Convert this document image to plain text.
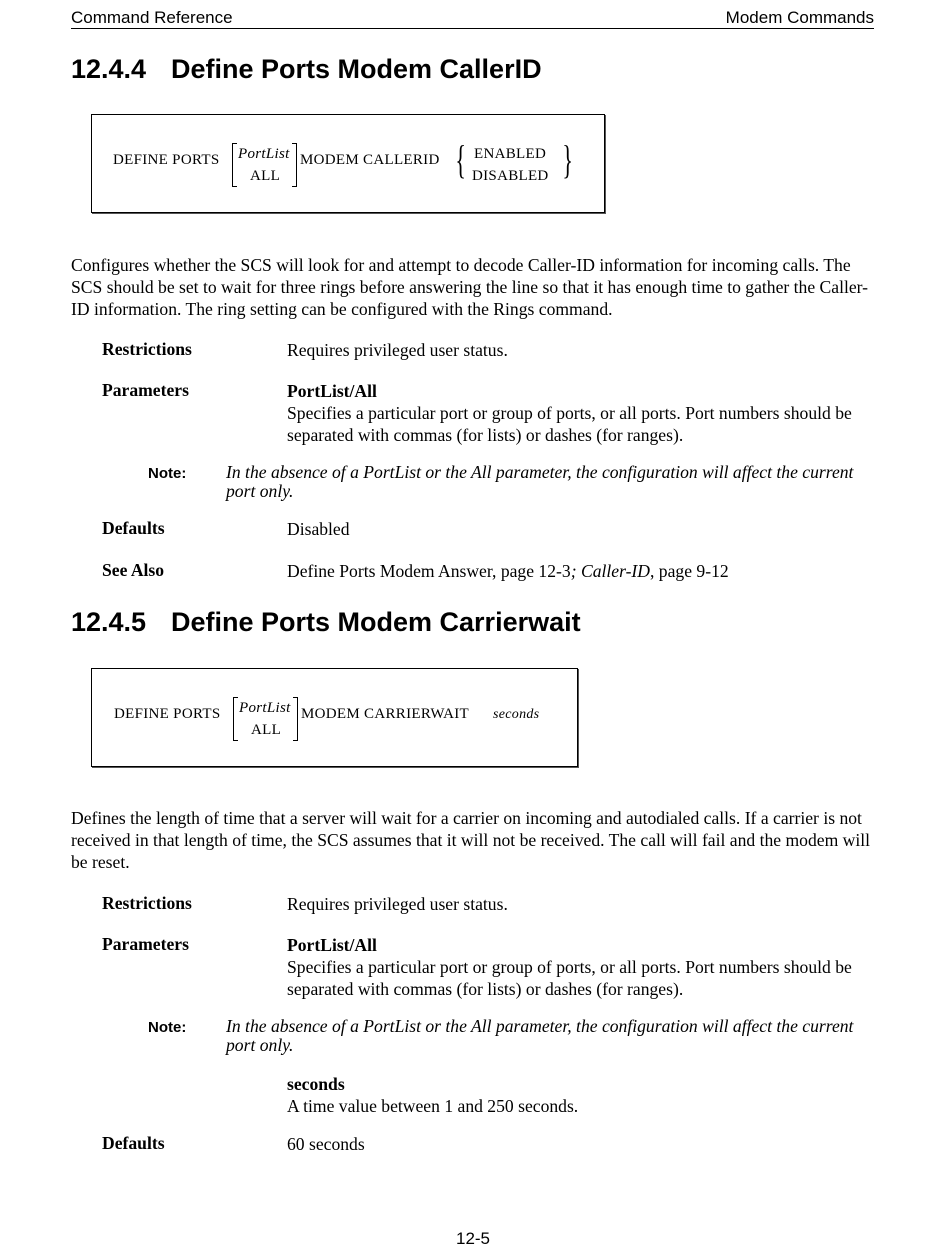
Command Reference	Modem Commands
12.4.4 Define Ports Modem CallerID
DEFINE PORTS PortList
ALL
MODEM CALLERID { ENABLED
DISABLED }
Configures whether the SCS will look for and attempt to decode Caller-ID information for incoming calls. The SCS should be set to wait for three rings before answering the line so that it has enough time to gather the Caller-ID information. The ring setting can be configured with the Rings command.
Restrictions	Requires privileged user status.
Parameters	PortList/All
Specifies a particular port or group of ports, or all ports. Port numbers should be separated with commas (for lists) or dashes (for ranges).
Note: In the absence of a PortList or the All parameter, the configuration will affect the current port only.
Defaults	Disabled
See Also	Define Ports Modem Answer, page 12-3; Caller-ID, page 9-12
12.4.5 Define Ports Modem Carrierwait
DEFINE PORTS PortList
ALL
MODEM CARRIERWAIT seconds
Defines the length of time that a server will wait for a carrier on incoming and autodialed calls. If a carrier is not received in that length of time, the SCS assumes that it will not be received. The call will fail and the modem will be reset.
Restrictions	Requires privileged user status.
Parameters	PortList/All
Specifies a particular port or group of ports, or all ports. Port numbers should be separated with commas (for lists) or dashes (for ranges).
Note: In the absence of a PortList or the All parameter, the configuration will affect the current port only.
seconds
A time value between 1 and 250 seconds.
Defaults	60 seconds
12-5
